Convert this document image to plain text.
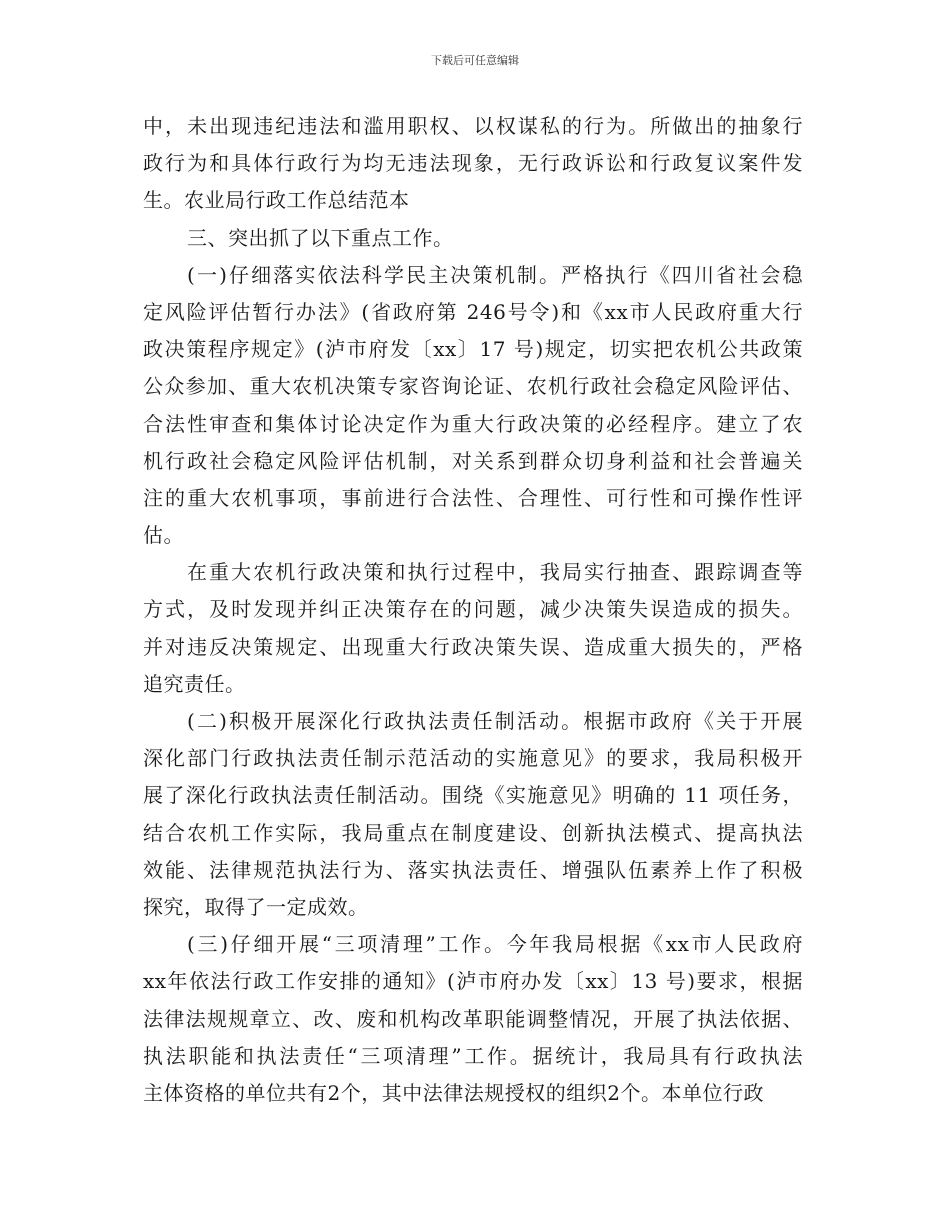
下载后可任意编辑
中，未出现违纪违法和滥用职权、以权谋私的行为。所做出的抽象行
政行为和具体行政行为均无违法现象，无行政诉讼和行政复议案件发
生。农业局行政工作总结范本
三、突出抓了以下重点工作。
(一)仔细落实依法科学民主决策机制。严格执行《四川省社会稳
定风险评估暂行办法》(省政府第 246号令)和《xx市人民政府重大行
政决策程序规定》(泸市府发〔xx〕17 号)规定，切实把农机公共政策
公众参加、重大农机决策专家咨询论证、农机行政社会稳定风险评估、
合法性审查和集体讨论决定作为重大行政决策的必经程序。建立了农
机行政社会稳定风险评估机制，对关系到群众切身利益和社会普遍关
注的重大农机事项，事前进行合法性、合理性、可行性和可操作性评
估。
在重大农机行政决策和执行过程中，我局实行抽查、跟踪调查等
方式，及时发现并纠正决策存在的问题，减少决策失误造成的损失。
并对违反决策规定、出现重大行政决策失误、造成重大损失的，严格
追究责任。
(二)积极开展深化行政执法责任制活动。根据市政府《关于开展
深化部门行政执法责任制示范活动的实施意见》的要求，我局积极开
展了深化行政执法责任制活动。围绕《实施意见》明确的 11 项任务，
结合农机工作实际，我局重点在制度建设、创新执法模式、提高执法
效能、法律规范执法行为、落实执法责任、增强队伍素养上作了积极
探究，取得了一定成效。
(三)仔细开展“三项清理”工作。今年我局根据《xx市人民政府
xx年依法行政工作安排的通知》(泸市府办发〔xx〕13 号)要求，根据
法律法规规章立、改、废和机构改革职能调整情况，开展了执法依据、
执法职能和执法责任“三项清理”工作。据统计，我局具有行政执法
主体资格的单位共有2个，其中法律法规授权的组织2个。本单位行政
